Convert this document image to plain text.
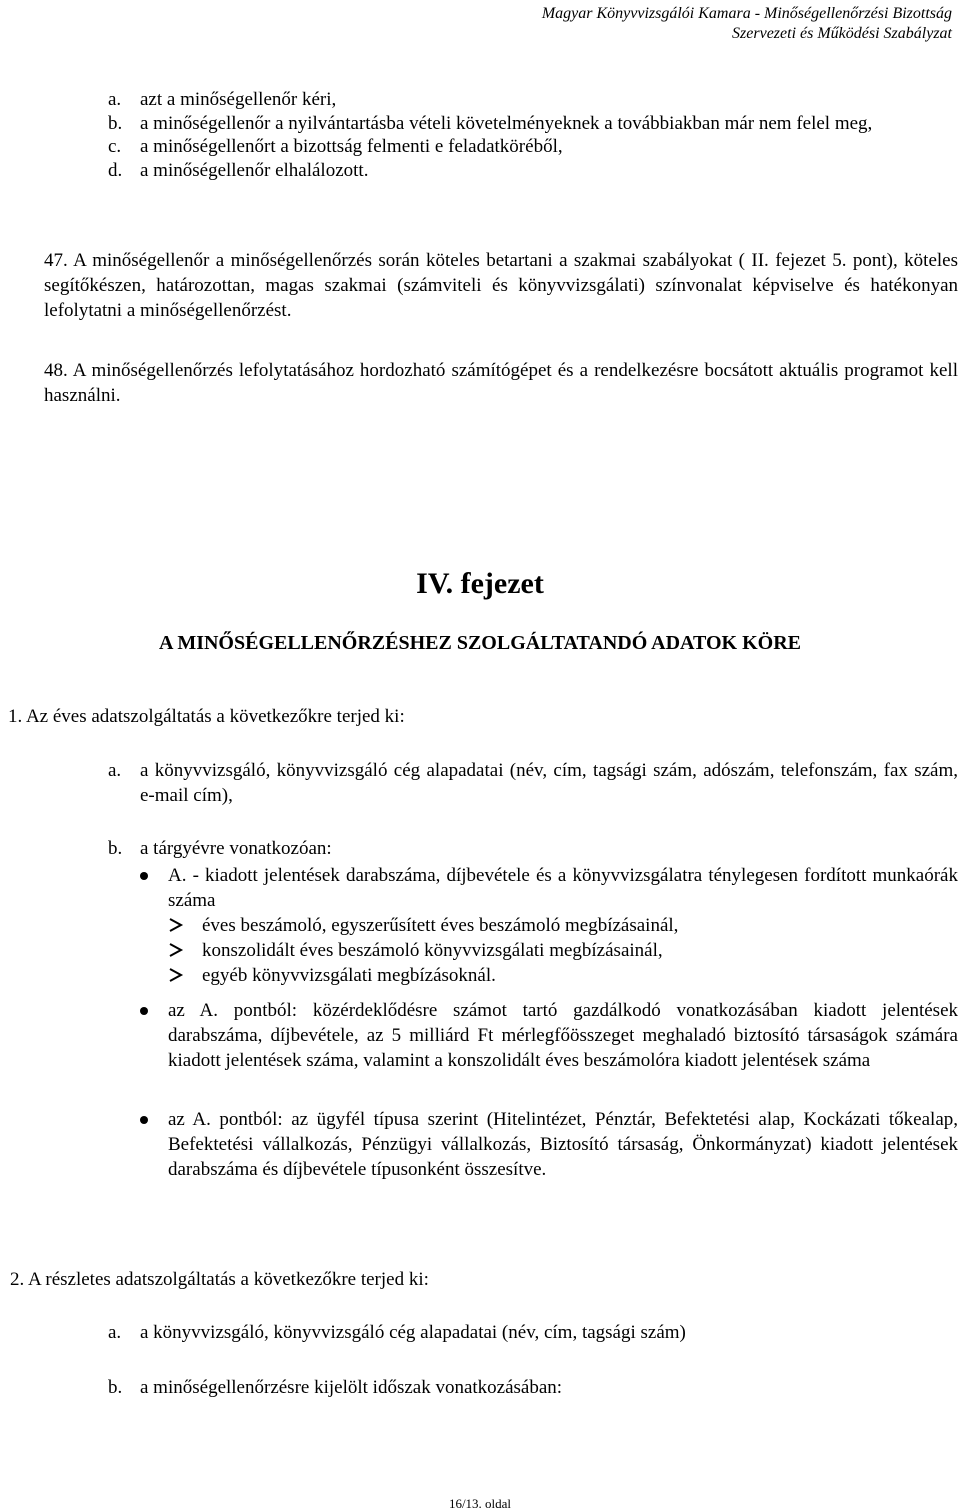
Magyar Könyvvizsgálói Kamara - Minőségellenőrzési Bizottság
Szervezeti és Működési Szabályzat
a. azt a minőségellenőr kéri,
b. a minőségellenőr a nyilvántartásba vételi követelményeknek a továbbiakban már nem felel meg,
c. a minőségellenőrt a bizottság felmenti e feladatköréből,
d. a minőségellenőr elhalálozott.
47. A minőségellenőr a minőségellenőrzés során köteles betartani a szakmai szabályokat ( II. fejezet 5. pont), köteles segítőkészen, határozottan, magas szakmai (számviteli és könyvvizsgálati) színvonalat képviselve és hatékonyan lefolytatni a minőségellenőrzést.
48. A minőségellenőrzés lefolytatásához hordozható számítógépet és a rendelkezésre bocsátott aktuális programot kell használni.
IV. fejezet
A MINŐSÉGELLENŐRZÉSHEZ SZOLGÁLTATANDÓ ADATOK KÖRE
1. Az éves adatszolgáltatás a következőkre terjed ki:
a. a könyvvizsgáló, könyvvizsgáló cég alapadatai (név, cím, tagsági szám, adószám, telefonszám, fax szám, e-mail cím),
b. a tárgyévre vonatkozóan:
A. - kiadott jelentések darabszáma, díjbevétele és a könyvvizsgálatra ténylegesen fordított munkaórák száma
éves beszámoló, egyszerűsített éves beszámoló megbízásainál,
konszolidált éves beszámoló könyvvizsgálati megbízásainál,
egyéb könyvvizsgálati megbízásoknál.
az A. pontból: közérdeklődésre számot tartó gazdálkodó vonatkozásában kiadott jelentések darabszáma, díjbevétele, az 5 milliárd Ft mérlegfőösszeget meghaladó biztosító társaságok számára kiadott jelentések száma, valamint a konszolidált éves beszámolóra kiadott jelentések száma
az A. pontból: az ügyfél típusa szerint (Hitelintézet, Pénztár, Befektetési alap, Kockázati tőkealap, Befektetési vállalkozás, Pénzügyi vállalkozás, Biztosító társaság, Önkormányzat) kiadott jelentések darabszáma és díjbevétele típusonként összesítve.
2. A részletes adatszolgáltatás a következőkre terjed ki:
a. a könyvvizsgáló, könyvvizsgáló cég alapadatai (név, cím, tagsági szám)
b. a minőségellenőrzésre kijelölt időszak vonatkozásában:
16/13. oldal
